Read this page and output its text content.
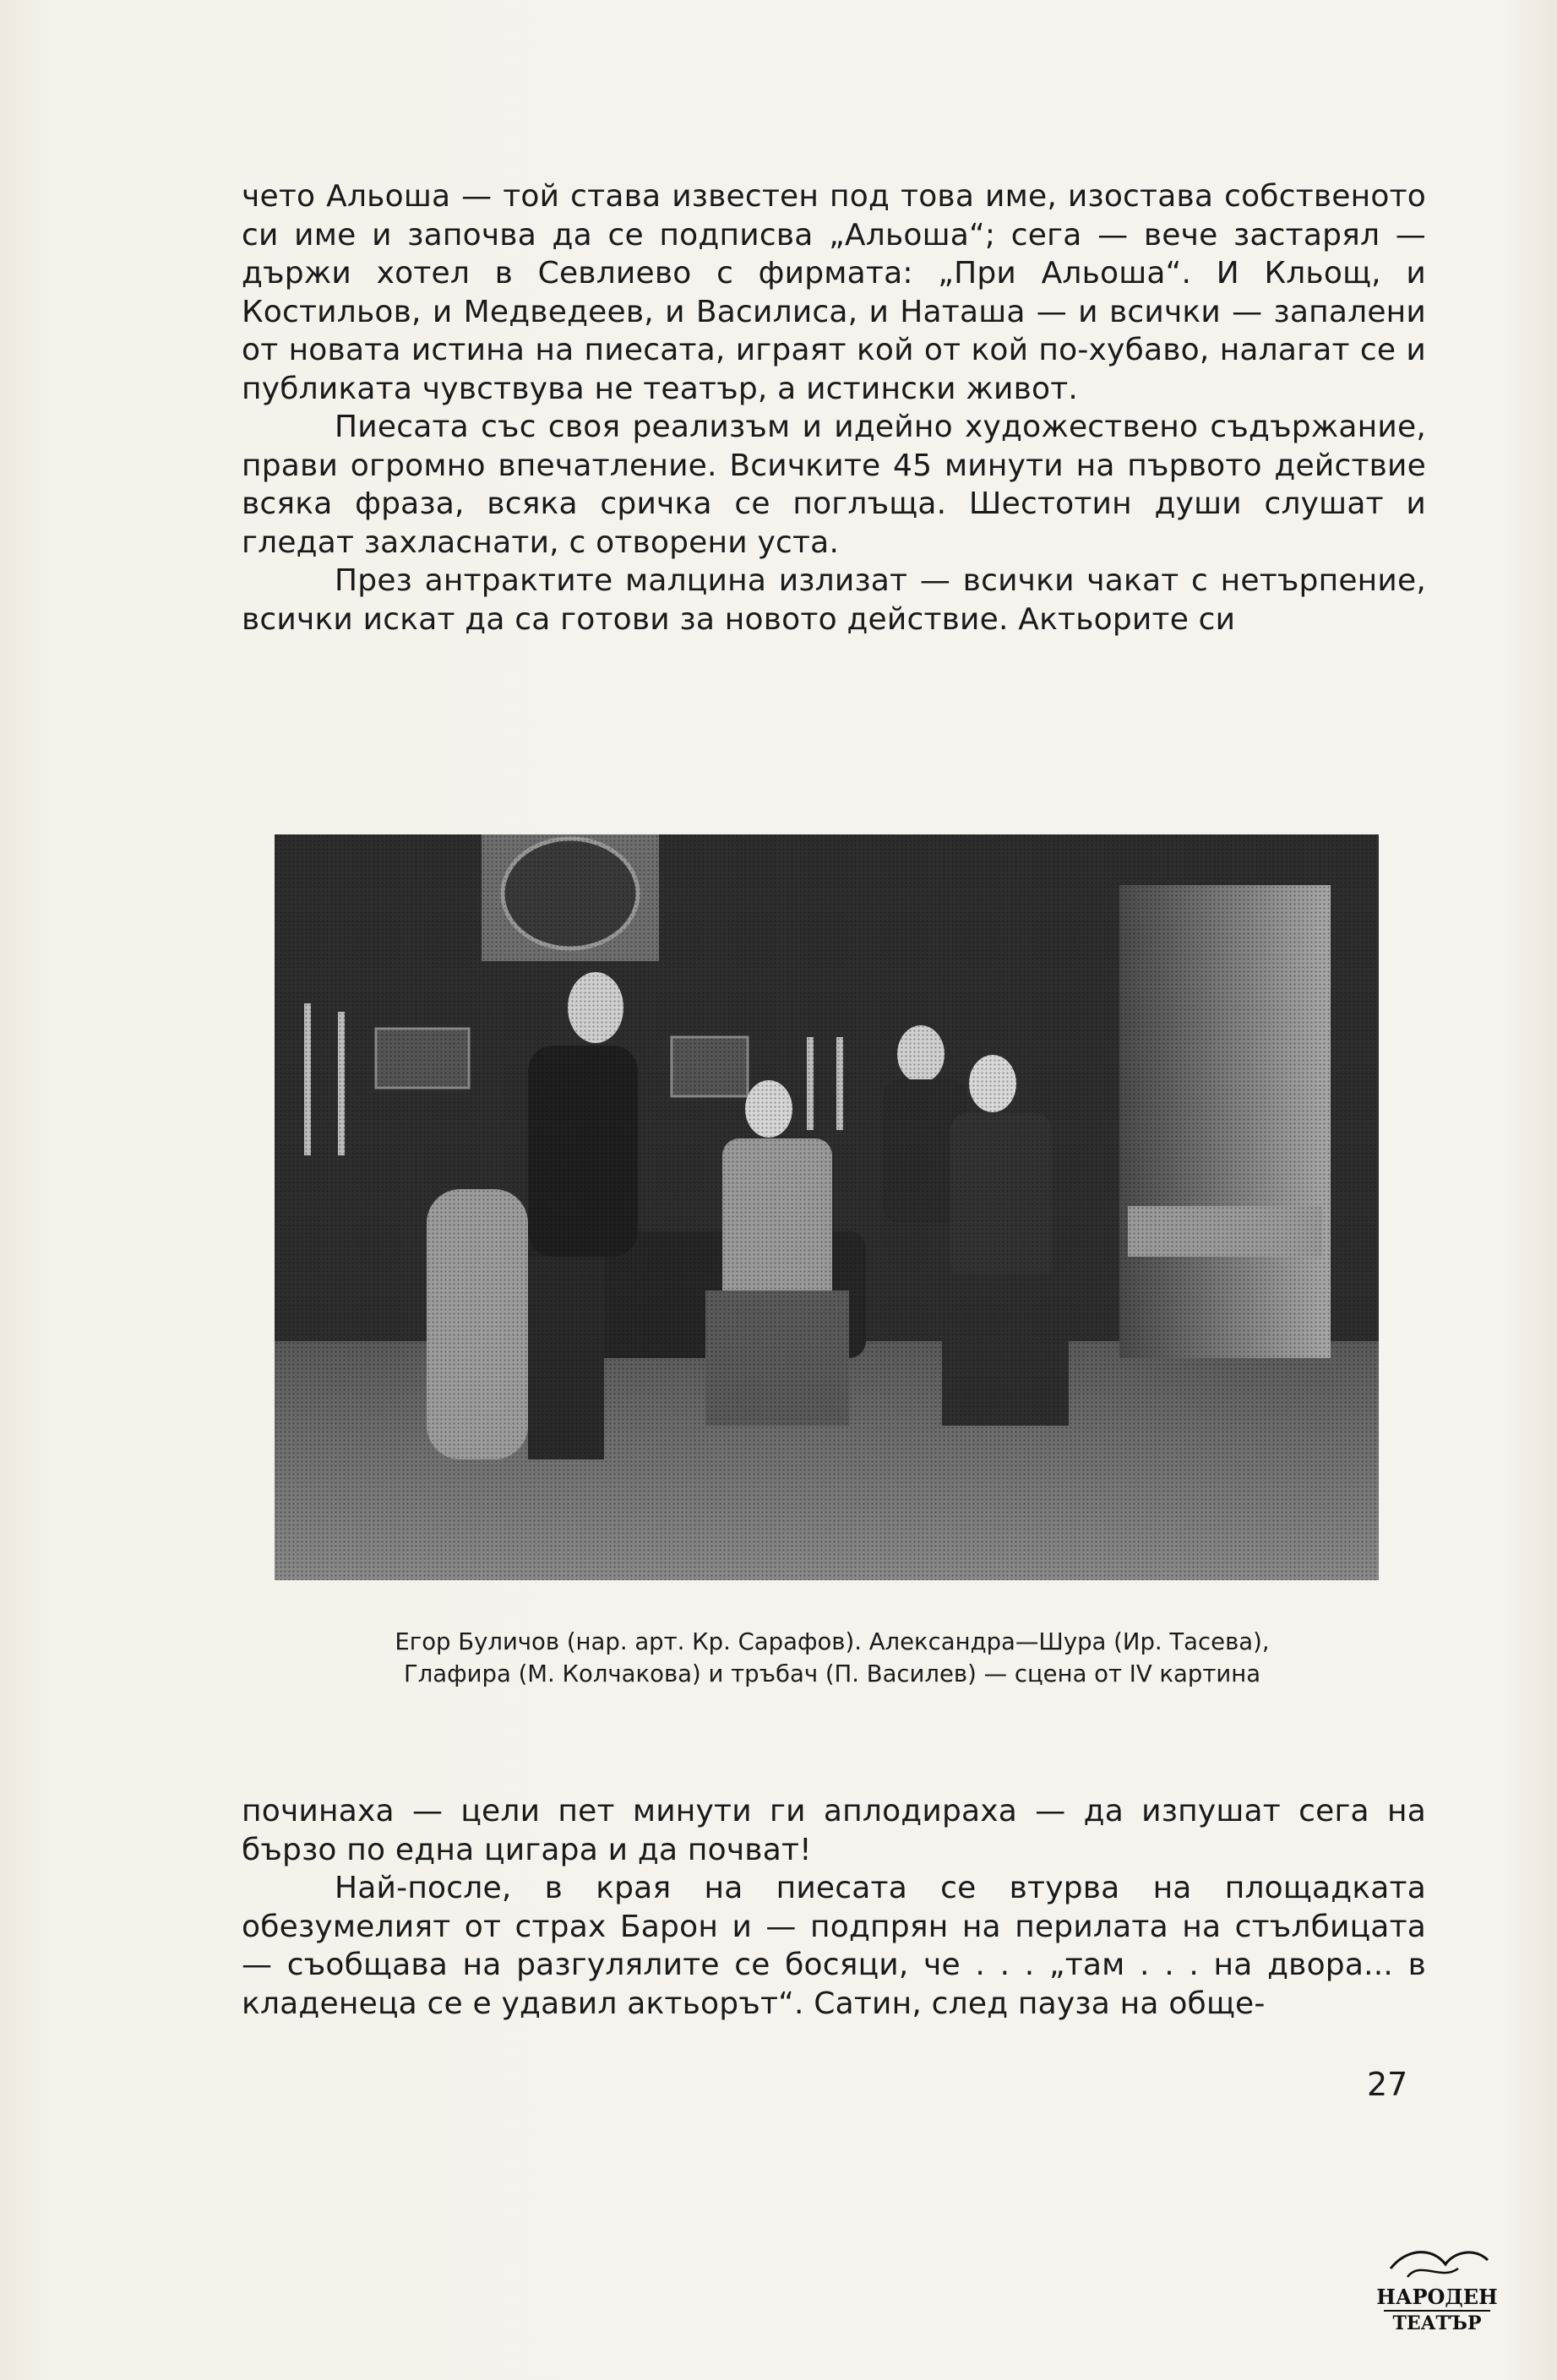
чето Альоша — той става известен под това име, изоставa собственото си име и започва да се подписва „Альоша“; сега — вече застарял — държи хотел в Севлиево с фирмата: „При Альоша“. И Кльощ, и Костильов, и Медведеев, и Василиса, и Наташа — и всички — запалени от новата истина на пиесата, играят кой от кой по-хубаво, налагат се и публиката чувствува не театър, а истински живот.

Пиесата със своя реализъм и идейно художествено съдържание, прави огромно впечатление. Всичките 45 минути на първото действие всяка фраза, всяка сричка се поглъща. Шестотин души слушат и гледат захласнати, с отворени уста.

През антрактите малцина излизат — всички чакат с нетърпение, всички искат да са готови за новото действие. Актьорите си

Егор Буличов (нар. арт. Кр. Сарафов). Александра—Шура (Ир. Тасева),
Глафира (М. Колчакова) и тръбач (П. Василев) — сцена от IV картина

починаха — цели пет минути ги аплодираха — да изпушат сега на бързо по една цигара и да почват!

Най-после, в края на пиесата се втурва на площадката обезумелият от страх Барон и — подпрян на перилата на стълбицата — съобщава на разгулялите се босяци, че . . . „там . . . на двора... в кладенеца се е удавил актьорът“. Сатин, след пауза на обще-

27
НАРОДЕН
ТЕАТЪР
